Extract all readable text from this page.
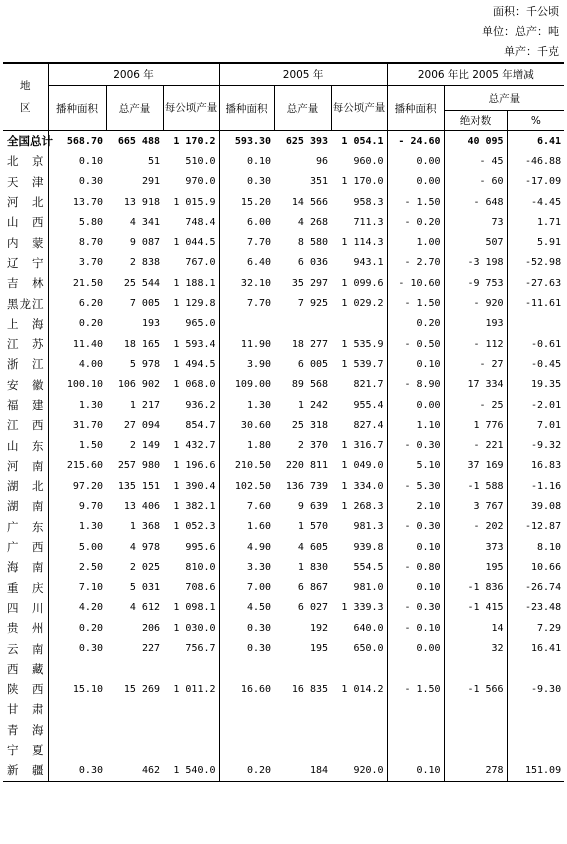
面积：千公顷
单位：总产：吨
单产：千克
地
区	2006 年			2005 年			2006 年比 2005 年增减		
	播种面积	总产量	每公顷产量	播种面积	总产量	每公顷产量	播种面积	总产量	
								绝对数	%
全国总计	568.70	665 488	1 170.2	593.30	625 393	1 054.1	- 24.60	40 095	6.41
北京	0.10	51	510.0	0.10	96	960.0	0.00	- 45	-46.88
天津	0.30	291	970.0	0.30	351	1 170.0	0.00	- 60	-17.09
河北	13.70	13 918	1 015.9	15.20	14 566	958.3	- 1.50	- 648	-4.45
山西	5.80	4 341	748.4	6.00	4 268	711.3	- 0.20	73	1.71
内蒙	8.70	9 087	1 044.5	7.70	8 580	1 114.3	1.00	507	5.91
辽宁	3.70	2 838	767.0	6.40	6 036	943.1	- 2.70	-3 198	-52.98
吉林	21.50	25 544	1 188.1	32.10	35 297	1 099.6	- 10.60	-9 753	-27.63
黑龙江	6.20	7 005	1 129.8	7.70	7 925	1 029.2	- 1.50	- 920	-11.61
上海	0.20	193	965.0				0.20	193	
江苏	11.40	18 165	1 593.4	11.90	18 277	1 535.9	- 0.50	- 112	-0.61
浙江	4.00	5 978	1 494.5	3.90	6 005	1 539.7	0.10	- 27	-0.45
安徽	100.10	106 902	1 068.0	109.00	89 568	821.7	- 8.90	17 334	19.35
福建	1.30	1 217	936.2	1.30	1 242	955.4	0.00	- 25	-2.01
江西	31.70	27 094	854.7	30.60	25 318	827.4	1.10	1 776	7.01
山东	1.50	2 149	1 432.7	1.80	2 370	1 316.7	- 0.30	- 221	-9.32
河南	215.60	257 980	1 196.6	210.50	220 811	1 049.0	5.10	37 169	16.83
湖北	97.20	135 151	1 390.4	102.50	136 739	1 334.0	- 5.30	-1 588	-1.16
湖南	9.70	13 406	1 382.1	7.60	9 639	1 268.3	2.10	3 767	39.08
广东	1.30	1 368	1 052.3	1.60	1 570	981.3	- 0.30	- 202	-12.87
广西	5.00	4 978	995.6	4.90	4 605	939.8	0.10	373	8.10
海南	2.50	2 025	810.0	3.30	1 830	554.5	- 0.80	195	10.66
重庆	7.10	5 031	708.6	7.00	6 867	981.0	0.10	-1 836	-26.74
四川	4.20	4 612	1 098.1	4.50	6 027	1 339.3	- 0.30	-1 415	-23.48
贵州	0.20	206	1 030.0	0.30	192	640.0	- 0.10	14	7.29
云南	0.30	227	756.7	0.30	195	650.0	0.00	32	16.41
西藏									
陕西	15.10	15 269	1 011.2	16.60	16 835	1 014.2	- 1.50	-1 566	-9.30
甘肃									
青海									
宁夏									
新疆	0.30	462	1 540.0	0.20	184	920.0	0.10	278	151.09
